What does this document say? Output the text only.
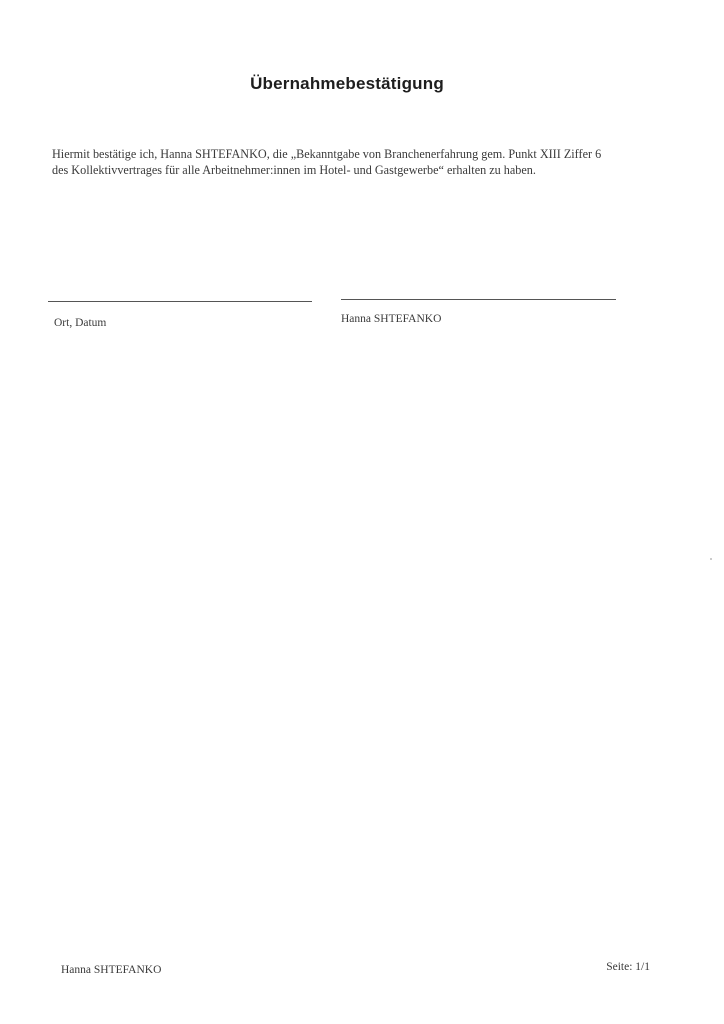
Übernahmebestätigung
Hiermit bestätige ich, Hanna SHTEFANKO, die „Bekanntgabe von Branchenerfahrung gem. Punkt XIII Ziffer 6
des Kollektivvertrages für alle Arbeitnehmer:innen im Hotel- und Gastgewerbe“ erhalten zu haben.
Ort, Datum	Hanna SHTEFANKO
Hanna SHTEFANKO	Seite: 1/1
